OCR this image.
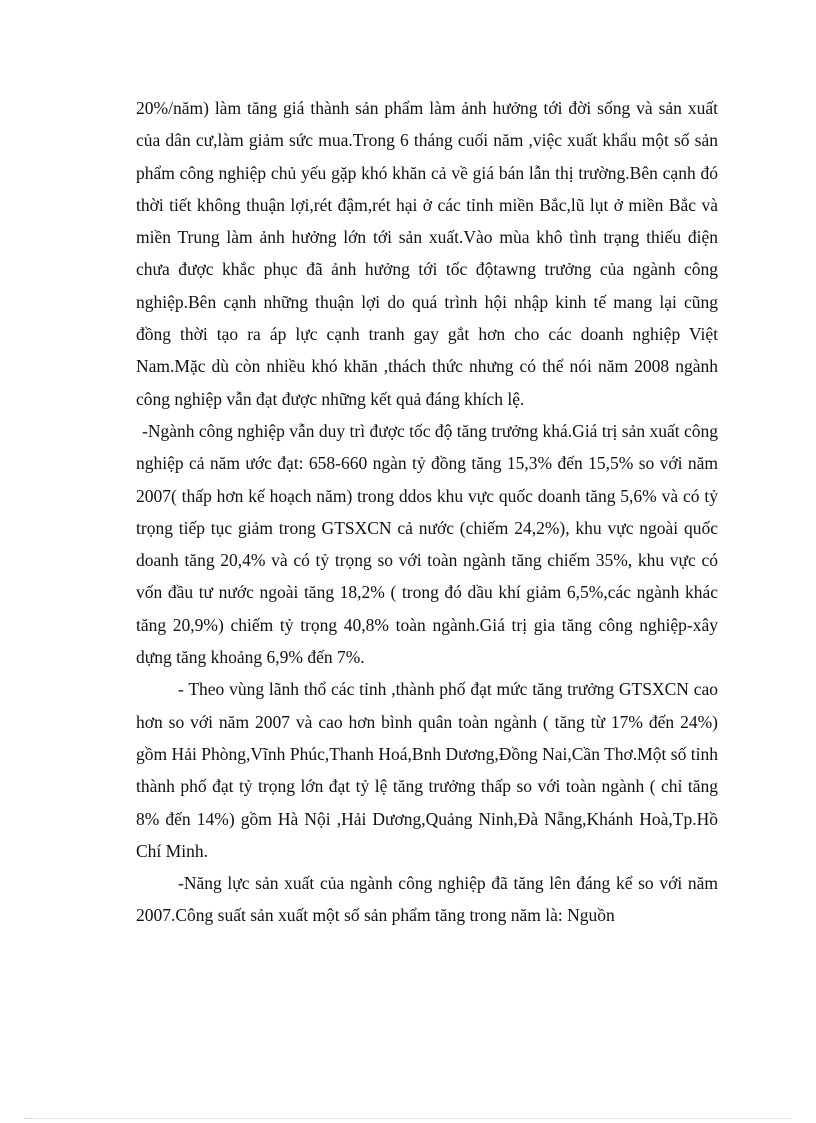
20%/năm) làm tăng giá thành sản phẩm làm ảnh hưởng tới đời sống và sản xuất của dân cư,làm giảm sức mua.Trong 6 tháng cuối năm ,việc xuất khẩu một số sản phẩm công nghiệp chủ yếu gặp khó khăn cả về giá bán lẫn thị trường.Bên cạnh đó thời tiết không thuận lợi,rét đậm,rét hại ở các tỉnh miền Bắc,lũ lụt ở miền Bắc và miền Trung làm ảnh hưởng lớn tới sản xuất.Vào mùa khô tình trạng thiếu điện chưa được khắc phục đã ảnh hưởng tới tốc độtawng trưởng của ngành công nghiệp.Bên cạnh những thuận lợi do quá trình hội nhập kinh tế mang lại cũng đồng thời tạo ra áp lực cạnh tranh gay gắt hơn cho các doanh nghiệp Việt Nam.Mặc dù còn nhiều khó khăn ,thách thức nhưng có thể nói năm 2008 ngành công nghiệp vẫn đạt được những kết quả đáng khích lệ.

-Ngành công nghiệp vẫn duy trì được tốc độ tăng trưởng khá.Giá trị sản xuất công nghiệp cả năm ước đạt: 658-660 ngàn tỷ đồng tăng 15,3% đến 15,5% so với năm 2007( thấp hơn kế hoạch năm) trong ddos khu vực quốc doanh tăng 5,6% và có tỷ trọng tiếp tục giảm trong GTSXCN cả nước (chiếm 24,2%), khu vực ngoài quốc doanh tăng 20,4% và có tỷ trọng so với toàn ngành tăng chiếm 35%, khu vực có vốn đầu tư nước ngoài tăng 18,2% ( trong đó dầu khí giảm 6,5%,các ngành khác tăng 20,9%) chiếm tỷ trọng 40,8% toàn ngành.Giá trị gia tăng công nghiệp-xây dựng tăng khoảng 6,9% đến 7%.

- Theo vùng lãnh thổ các tỉnh ,thành phố đạt mức tăng trưởng GTSXCN cao hơn so với năm 2007 và cao hơn bình quân toàn ngành ( tăng từ 17% đến 24%) gồm Hải Phòng,Vĩnh Phúc,Thanh Hoá,Bnh Dương,Đồng Nai,Cần Thơ.Một số tỉnh thành phố đạt tỷ trọng lớn đạt tỷ lệ tăng trưởng thấp so với toàn ngành ( chỉ tăng 8% đến 14%) gồm Hà Nội ,Hải Dương,Quảng Ninh,Đà Nẵng,Khánh Hoà,Tp.Hồ Chí Minh.

-Năng lực sản xuất của ngành công nghiệp đã tăng lên đáng kể so với năm 2007.Công suất sản xuất một số sản phẩm tăng trong năm là: Nguồn
